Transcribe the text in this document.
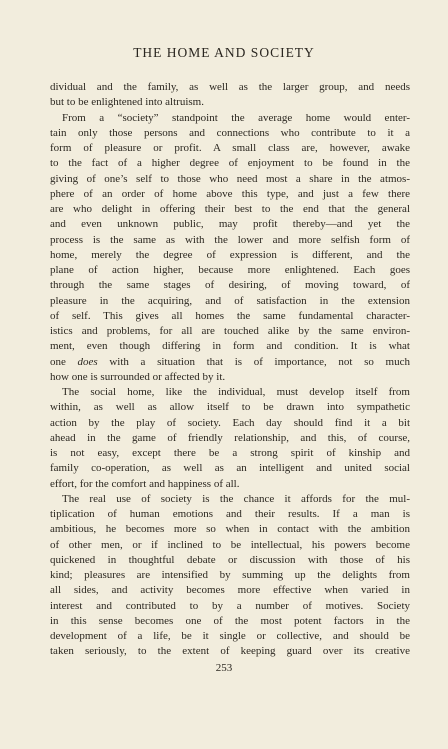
THE HOME AND SOCIETY
dividual and the family, as well as the larger group, and needs
but to be enlightened into altruism.
From a “society” standpoint the average home would enter-
tain only those persons and connections who contribute to it a
form of pleasure or profit. A small class are, however, awake
to the fact of a higher degree of enjoyment to be found in the
giving of one’s self to those who need most a share in the atmos-
phere of an order of home above this type, and just a few there
are who delight in offering their best to the end that the general
and even unknown public, may profit thereby—and yet the
process is the same as with the lower and more selfish form of
home, merely the degree of expression is different, and the
plane of action higher, because more enlightened. Each goes
through the same stages of desiring, of moving toward, of
pleasure in the acquiring, and of satisfaction in the extension
of self. This gives all homes the same fundamental character-
istics and problems, for all are touched alike by the same environ-
ment, even though differing in form and condition. It is what
one does with a situation that is of importance, not so much
how one is surrounded or affected by it.
The social home, like the individual, must develop itself from
within, as well as allow itself to be drawn into sympathetic
action by the play of society. Each day should find it a bit
ahead in the game of friendly relationship, and this, of course,
is not easy, except there be a strong spirit of kinship and
family co-operation, as well as an intelligent and united social
effort, for the comfort and happiness of all.
The real use of society is the chance it affords for the mul-
tiplication of human emotions and their results. If a man is
ambitious, he becomes more so when in contact with the ambition
of other men, or if inclined to be intellectual, his powers become
quickened in thoughtful debate or discussion with those of his
kind; pleasures are intensified by summing up the delights from
all sides, and activity becomes more effective when varied in
interest and contributed to by a number of motives. Society
in this sense becomes one of the most potent factors in the
development of a life, be it single or collective, and should be
taken seriously, to the extent of keeping guard over its creative
253
